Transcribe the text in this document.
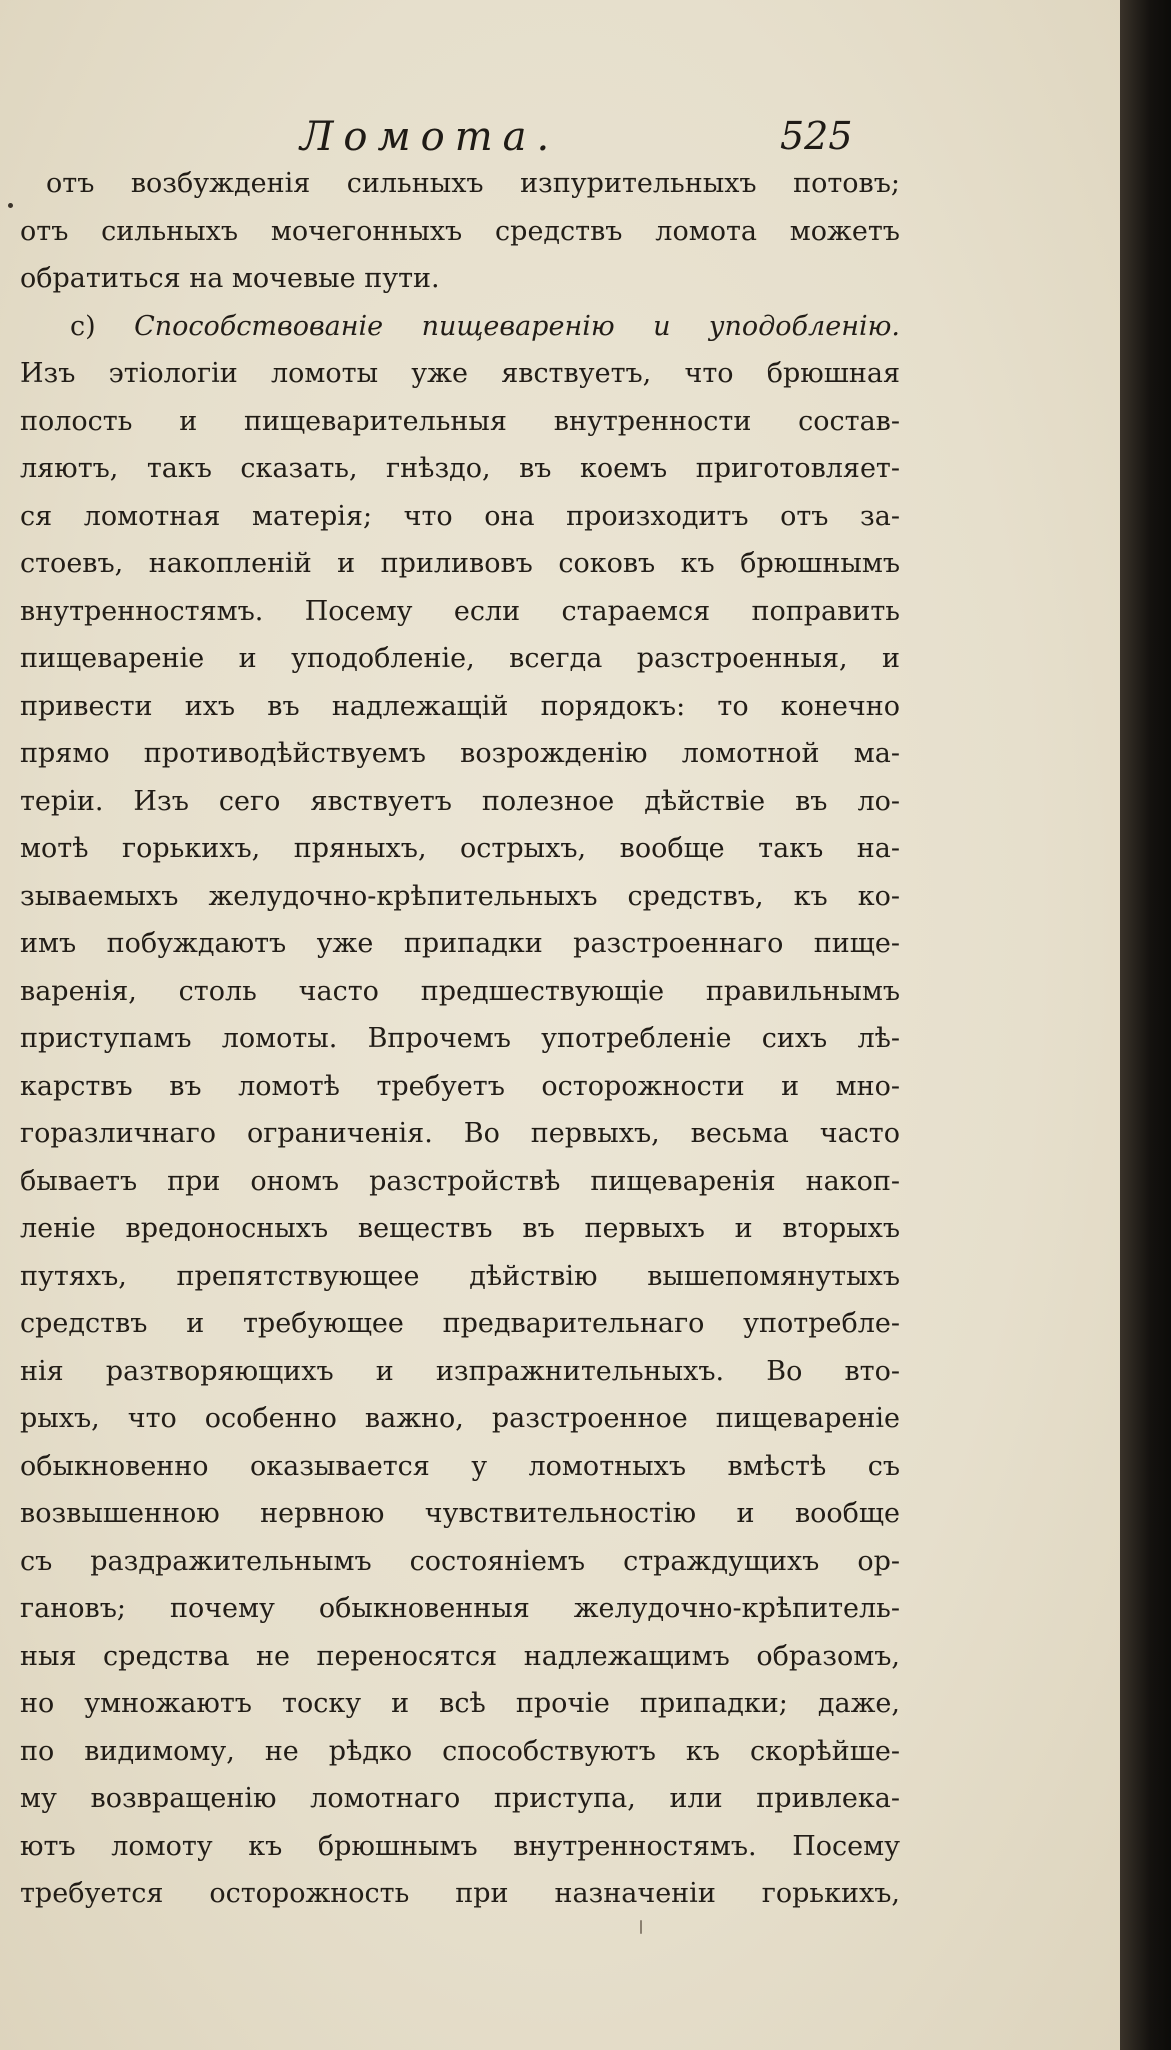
Ломота.	525
отъ возбужденія сильныхъ изпурительныхъ потовъ;
отъ сильныхъ мочегонныхъ средствъ ломота можетъ
обратиться на мочевые пути.
c) Способствованіе пищеваренію и уподобленію.
Изъ этіологіи ломоты уже явствуетъ, что брюшная
полость и пищеварительныя внутренности состав-
ляютъ, такъ сказать, гнѣздо, въ коемъ приготовляет-
ся ломотная матерія; что она произходитъ отъ за-
стоевъ, накопленій и приливовъ соковъ къ брюшнымъ
внутренностямъ. Посему если стараемся поправить
пищевареніе и уподобленіе, всегда разстроенныя, и
привести ихъ въ надлежащій порядокъ: то конечно
прямо противодѣйствуемъ возрожденію ломотной ма-
теріи. Изъ сего явствуетъ полезное дѣйствіе въ ло-
мотѣ горькихъ, пряныхъ, острыхъ, вообще такъ на-
зываемыхъ желудочно-крѣпительныхъ средствъ, къ ко-
имъ побуждаютъ уже припадки разстроеннаго пище-
варенія, столь часто предшествующіе правильнымъ
приступамъ ломоты. Впрочемъ употребленіе сихъ лѣ-
карствъ въ ломотѣ требуетъ осторожности и мно-
горазличнаго ограниченія. Во первыхъ, весьма часто
бываетъ при ономъ разстройствѣ пищеваренія накоп-
леніе вредоносныхъ веществъ въ первыхъ и вторыхъ
путяхъ, препятствующее дѣйствію вышепомянутыхъ
средствъ и требующее предварительнаго употребле-
нія разтворяющихъ и изпражнительныхъ. Во вто-
рыхъ, что особенно важно, разстроенное пищевареніе
обыкновенно оказывается у ломотныхъ вмѣстѣ съ
возвышенною нервною чувствительностію и вообще
съ раздражительнымъ состояніемъ страждущихъ ор-
гановъ; почему обыкновенныя желудочно-крѣпитель-
ныя средства не переносятся надлежащимъ образомъ,
но умножаютъ тоску и всѣ прочіе припадки; даже,
по видимому, не рѣдко способствуютъ къ скорѣйше-
му возвращенію ломотнаго приступа, или привлека-
ютъ ломоту къ брюшнымъ внутренностямъ. Посему
требуется осторожность при назначеніи горькихъ,
